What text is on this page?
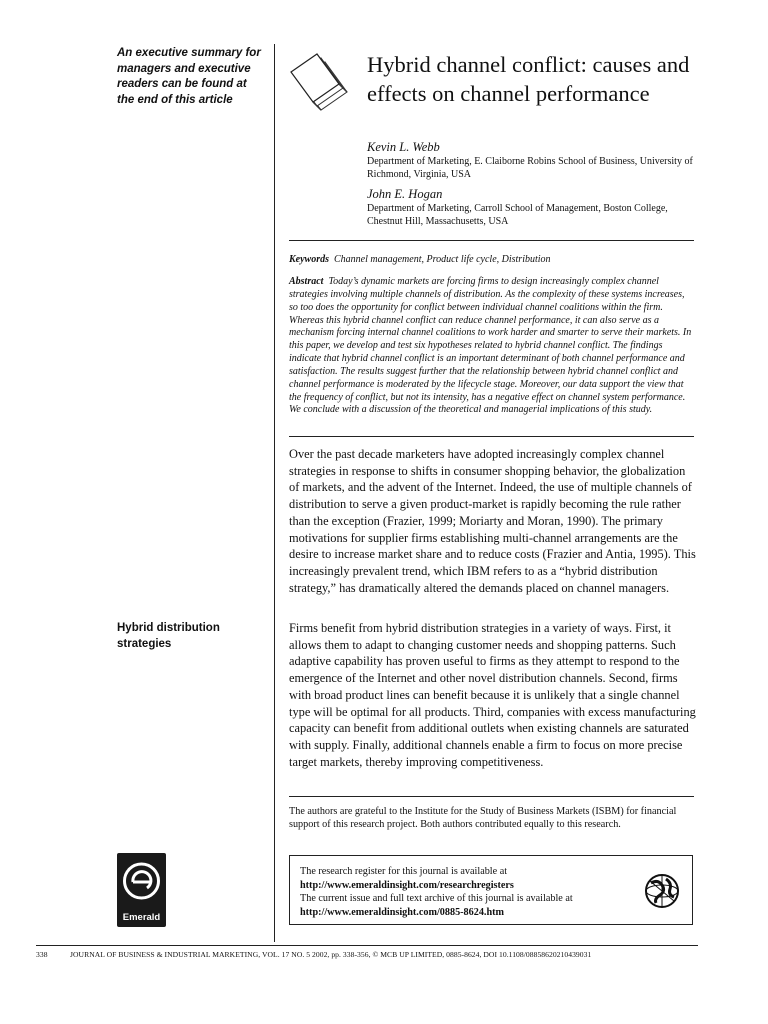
An executive summary for managers and executive readers can be found at the end of this article
Hybrid distribution strategies
Emerald
Hybrid channel conflict: causes and effects on channel performance
Kevin L. Webb
Department of Marketing, E. Claiborne Robins School of Business, University of Richmond, Virginia, USA
John E. Hogan
Department of Marketing, Carroll School of Management, Boston College, Chestnut Hill, Massachusetts, USA
Keywords Channel management, Product life cycle, Distribution
Abstract Today’s dynamic markets are forcing firms to design increasingly complex channel strategies involving multiple channels of distribution. As the complexity of these systems increases, so too does the opportunity for conflict between individual channel coalitions within the firm. Whereas this hybrid channel conflict can reduce channel performance, it can also serve as a mechanism forcing internal channel coalitions to work harder and smarter to serve their markets. In this paper, we develop and test six hypotheses related to hybrid channel conflict. The findings indicate that hybrid channel conflict is an important determinant of both channel performance and satisfaction. The results suggest further that the relationship between hybrid channel conflict and channel performance is moderated by the lifecycle stage. Moreover, our data support the view that the frequency of conflict, but not its intensity, has a negative effect on channel system performance. We conclude with a discussion of the theoretical and managerial implications of this study.
Over the past decade marketers have adopted increasingly complex channel strategies in response to shifts in consumer shopping behavior, the globalization of markets, and the advent of the Internet. Indeed, the use of multiple channels of distribution to serve a given product-market is rapidly becoming the rule rather than the exception (Frazier, 1999; Moriarty and Moran, 1990). The primary motivations for supplier firms establishing multi-channel arrangements are the desire to increase market share and to reduce costs (Frazier and Antia, 1995). This increasingly prevalent trend, which IBM refers to as a “hybrid distribution strategy,” has dramatically altered the demands placed on channel managers.
Firms benefit from hybrid distribution strategies in a variety of ways. First, it allows them to adapt to changing customer needs and shopping patterns. Such adaptive capability has proven useful to firms as they attempt to respond to the emergence of the Internet and other novel distribution channels. Second, firms with broad product lines can benefit because it is unlikely that a single channel type will be optimal for all products. Third, companies with excess manufacturing capacity can benefit from additional outlets when existing channels are saturated with supply. Finally, additional channels enable a firm to focus on more precise target markets, thereby improving competitiveness.
The authors are grateful to the Institute for the Study of Business Markets (ISBM) for financial support of this research project. Both authors contributed equally to this research.
The research register for this journal is available at
http://www.emeraldinsight.com/researchregisters
The current issue and full text archive of this journal is available at
http://www.emeraldinsight.com/0885-8624.htm
338	JOURNAL OF BUSINESS & INDUSTRIAL MARKETING, VOL. 17 NO. 5 2002, pp. 338-356, © MCB UP LIMITED, 0885-8624, DOI 10.1108/08858620210439031
